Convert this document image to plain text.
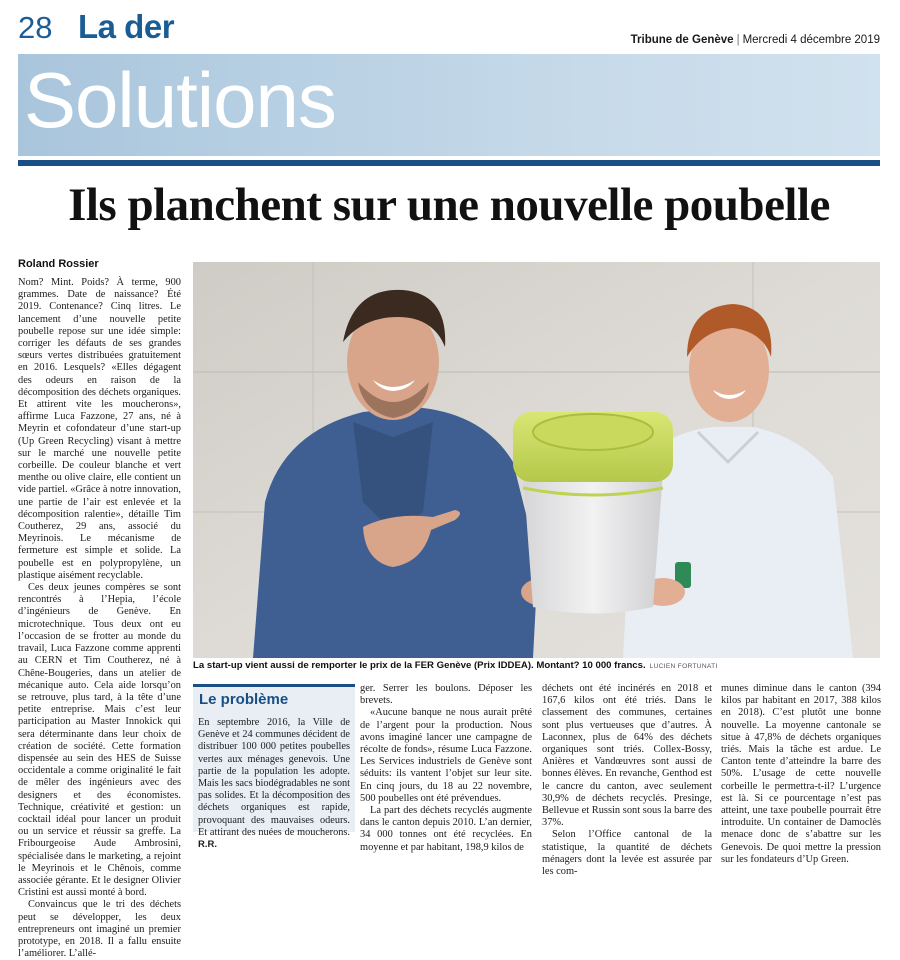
28 La der	Tribune de Genève | Mercredi 4 décembre 2019
Solutions
Ils planchent sur une nouvelle poubelle
Roland Rossier

Nom? Mint. Poids? À terme, 900 grammes. Date de naissance? Été 2019. Contenance? Cinq litres. Le lancement d’une nouvelle petite poubelle repose sur une idée simple: corriger les défauts de ses grandes sœurs vertes distribuées gratuitement en 2016. Lesquels? «Elles dégagent des odeurs en raison de la décomposition des déchets organiques. Et attirent vite les moucherons», affirme Luca Fazzone, 27 ans, né à Meyrin et cofondateur d’une start-up (Up Green Recycling) visant à mettre sur le marché une nouvelle petite corbeille. De couleur blanche et vert menthe ou olive claire, elle contient un vide partiel. «Grâce à notre innovation, une partie de l’air est enlevée et la décomposition ralentie», détaille Tim Coutherez, 29 ans, associé du Meyrinois. Le mécanisme de fermeture est simple et solide. La poubelle est en polypropylène, un plastique aisément recyclable.

Ces deux jeunes compères se sont rencontrés à l’Hepia, l’école d’ingénieurs de Genève. En microtechnique. Tous deux ont eu l’occasion de se frotter au monde du travail, Luca Fazzone comme apprenti au CERN et Tim Coutherez, né à Chêne-Bougeries, dans un atelier de mécanique auto. Cela aide lorsqu’on se retrouve, plus tard, à la tête d’une petite entreprise. Mais c’est leur participation au Master Innokick qui sera déterminante dans leur choix de création de société. Cette formation dispensée au sein des HES de Suisse occidentale a comme originalité le fait de mêler des ingénieurs avec des designers et des économistes. Technique, créativité et gestion: un cocktail idéal pour lancer un produit ou un service et réussir sa greffe. La Fribourgeoise Aude Ambrosini, spécialisée dans le marketing, a rejoint le Meyrinois et le Chênois, comme associée gérante. Et le designer Olivier Cristini est aussi monté à bord.

Convaincus que le tri des déchets peut se développer, les deux entrepreneurs ont imaginé un premier prototype, en 2018. Il a fallu ensuite l’améliorer. L’allé-

La start-up vient aussi de remporter le prix de la FER Genève (Prix IDDEA). Montant? 10 000 francs. LUCIEN FORTUNATI
Le problème
En septembre 2016, la Ville de Genève et 24 communes décident de distribuer 100 000 petites poubelles vertes aux ménages genevois. Une partie de la population les adopte. Mais les sacs biodégradables ne sont pas solides. Et la décomposition des déchets organiques est rapide, provoquant des mauvaises odeurs. Et attirant des nuées de moucherons. R.R.

ger. Serrer les boulons. Déposer les brevets.

«Aucune banque ne nous aurait prêté de l’argent pour la production. Nous avons imaginé lancer une campagne de récolte de fonds», résume Luca Fazzone. Les Services industriels de Genève sont séduits: ils vantent l’objet sur leur site. En cinq jours, du 18 au 22 novembre, 500 poubelles ont été prévendues.

La part des déchets recyclés augmente dans le canton depuis 2010. L’an dernier, 34 000 tonnes ont été recyclées. En moyenne et par habitant, 198,9 kilos de

déchets ont été incinérés en 2018 et 167,6 kilos ont été triés. Dans le classement des communes, certaines sont plus vertueuses que d’autres. À Laconnex, plus de 64% des déchets organiques sont triés. Collex-Bossy, Anières et Vandœuvres sont aussi de bonnes élèves. En revanche, Genthod est le cancre du canton, avec seulement 30,9% de déchets recyclés. Presinge, Bellevue et Russin sont sous la barre des 37%.

Selon l’Office cantonal de la statistique, la quantité de déchets ménagers dont la levée est assurée par les com-

munes diminue dans le canton (394 kilos par habitant en 2017, 388 kilos en 2018). C’est plutôt une bonne nouvelle. La moyenne cantonale se situe à 47,8% de déchets organiques triés. Mais la tâche est ardue. Le Canton tente d’atteindre la barre des 50%. L’usage de cette nouvelle corbeille le permettra-t-il? L’urgence est là. Si ce pourcentage n’est pas atteint, une taxe poubelle pourrait être introduite. Un container de Damoclès menace donc de s’abattre sur les Genevois. De quoi mettre la pression sur les fondateurs d’Up Green.
